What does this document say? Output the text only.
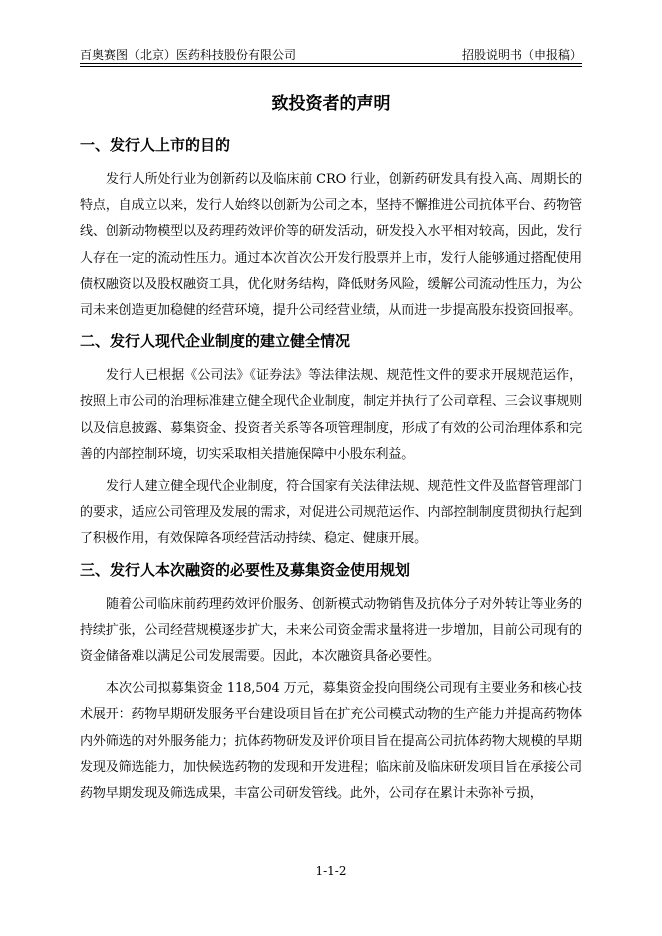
百奥赛图（北京）医药科技股份有限公司	招股说明书（申报稿）
致投资者的声明
一、发行人上市的目的
发行人所处行业为创新药以及临床前 CRO 行业，创新药研发具有投入高、周期长的特点，自成立以来，发行人始终以创新为公司之本，坚持不懈推进公司抗体平台、药物管线、创新动物模型以及药理药效评价等的研发活动，研发投入水平相对较高，因此，发行人存在一定的流动性压力。通过本次首次公开发行股票并上市，发行人能够通过搭配使用债权融资以及股权融资工具，优化财务结构，降低财务风险，缓解公司流动性压力，为公司未来创造更加稳健的经营环境，提升公司经营业绩，从而进一步提高股东投资回报率。
二、发行人现代企业制度的建立健全情况
发行人已根据《公司法》《证券法》等法律法规、规范性文件的要求开展规范运作，按照上市公司的治理标准建立健全现代企业制度，制定并执行了公司章程、三会议事规则以及信息披露、募集资金、投资者关系等各项管理制度，形成了有效的公司治理体系和完善的内部控制环境，切实采取相关措施保障中小股东利益。
发行人建立健全现代企业制度，符合国家有关法律法规、规范性文件及监督管理部门的要求，适应公司管理及发展的需求，对促进公司规范运作、内部控制制度贯彻执行起到了积极作用，有效保障各项经营活动持续、稳定、健康开展。
三、发行人本次融资的必要性及募集资金使用规划
随着公司临床前药理药效评价服务、创新模式动物销售及抗体分子对外转让等业务的持续扩张，公司经营规模逐步扩大，未来公司资金需求量将进一步增加，目前公司现有的资金储备难以满足公司发展需要。因此，本次融资具备必要性。
本次公司拟募集资金 118,504 万元，募集资金投向围绕公司现有主要业务和核心技术展开：药物早期研发服务平台建设项目旨在扩充公司模式动物的生产能力并提高药物体内外筛选的对外服务能力；抗体药物研发及评价项目旨在提高公司抗体药物大规模的早期发现及筛选能力，加快候选药物的发现和开发进程；临床前及临床研发项目旨在承接公司药物早期发现及筛选成果，丰富公司研发管线。此外，公司存在累计未弥补亏损，
1-1-2
